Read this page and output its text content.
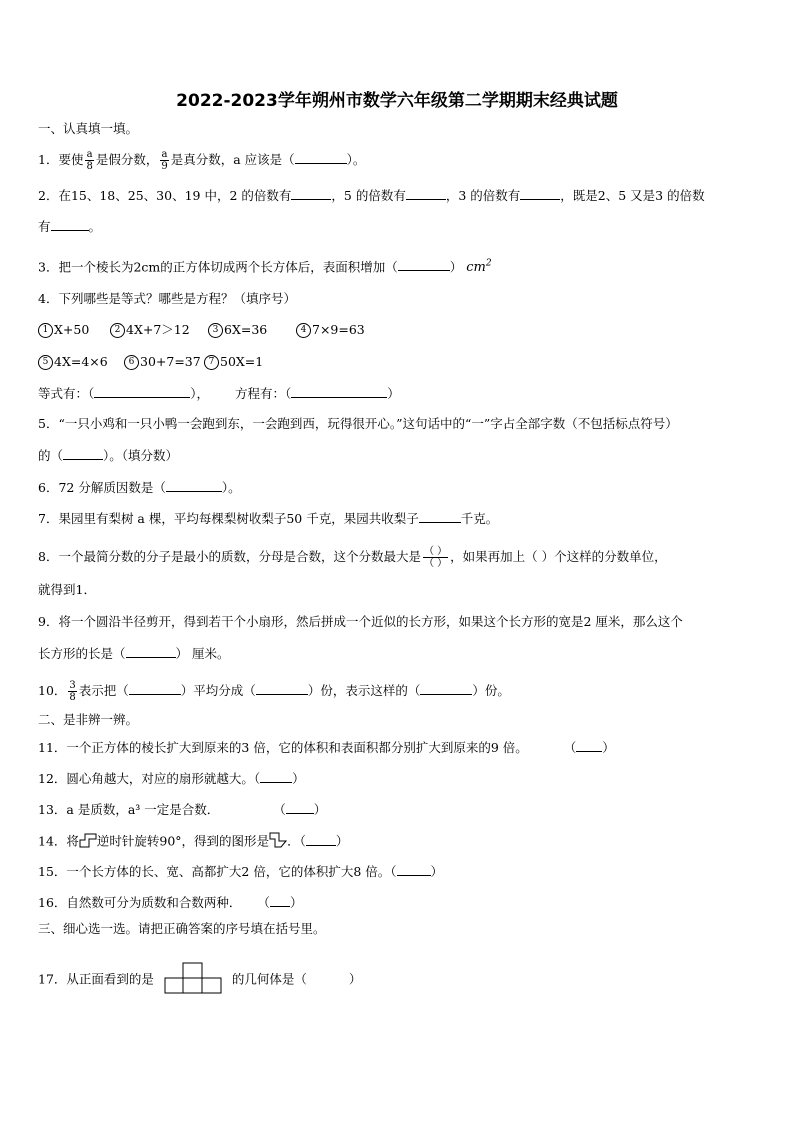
2022-2023学年朔州市数学六年级第二学期期末经典试题
一、认真填一填。
1．要使 $\frac{a}{8}$ 是假分数， $\frac{a}{9}$ 是真分数，a 应该是（	）。
2．在15、18、25、30、19 中，2 的倍数有	，5 的倍数有	，3 的倍数有	，既是2、5 又是3 的倍数
有	。
3．把一个棱长为2cm的正方体切成两个长方体后，表面积增加（	） $cm^2$
4．下列哪些是等式？哪些是方程？（填序号）
1 X+50	2 4X+7＞12	3 6X=36	4 7×9=63
5 4X=4×6 6 30+7=37 7 50X=1
等式有：（	）， 方程有：（	）
5．“一只小鸡和一只小鸭一会跑到东，一会跑到西，玩得很开心。”这句话中的“一”字占全部字数（不包括标点符号）
的（	）。（填分数）
6．72 分解质因数是（	）。
7．果园里有梨树 a 棵，平均每棵梨树收梨子50 千克，果园共收梨子	千克。
8．一个最简分数的分子是最小的质数，分母是合数，这个分数最大是 $\frac{( )}{( )}$ ，如果再加上（ ）个这样的分数单位，
就得到1．
9．将一个圆沿半径剪开，得到若干个小扇形，然后拼成一个近似的长方形，如果这个长方形的宽是2 厘米，那么这个
长方形的长是（	） 厘米。
10． $\frac{3}{8}$ 表示把（	）平均分成（	）份，表示这样的（	）份。
二、是非辨一辨。
11．一个正方体的棱长扩大到原来的3 倍，它的体积和表面积都分别扩大到原来的9 倍。	（ ）
12．圆心角越大，对应的扇形就越大。（	）
13．a 是质数，a³ 一定是合数．	（ ）
14．将 逆时针旋转90°，得到的图形是 ．（ ）
15．一个长方体的长、宽、高都扩大2 倍，它的体积扩大8 倍。（	）
16．自然数可分为质数和合数两种． （ ）
三、细心选一选。请把正确答案的序号填在括号里。
17．从正面看到的是	的几何体是（	）
